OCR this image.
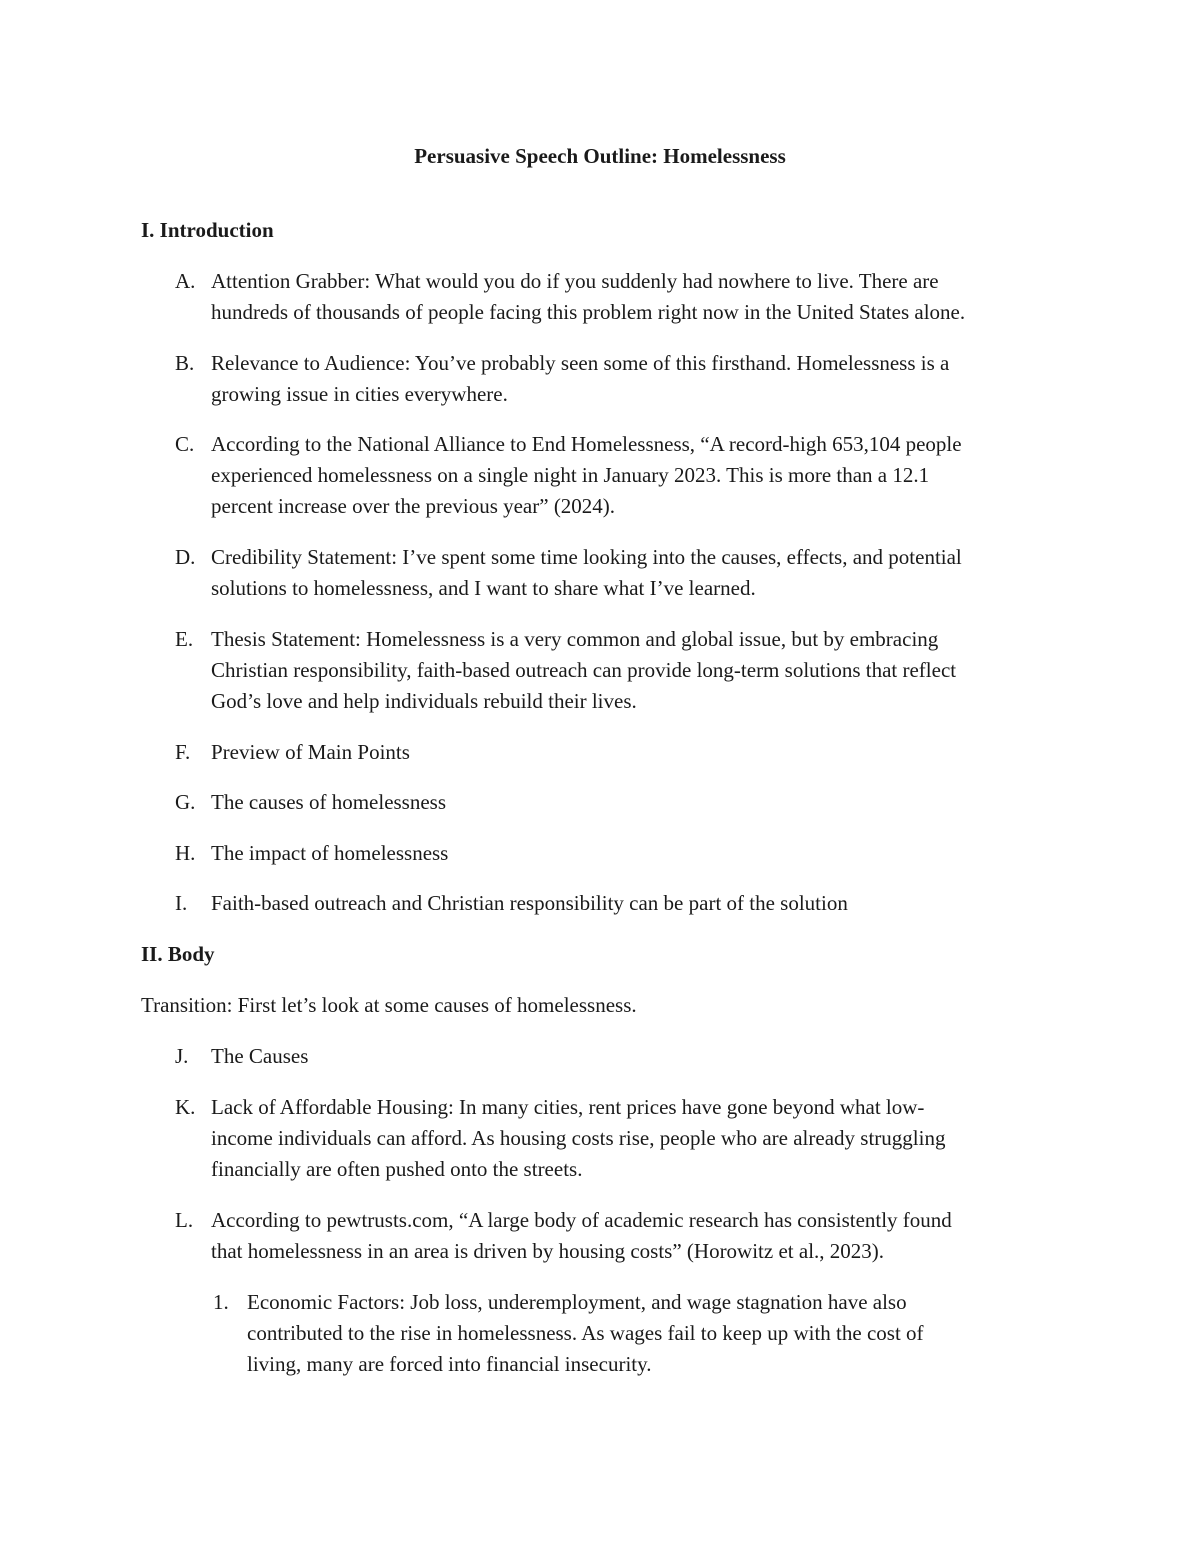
Persuasive Speech Outline: Homelessness
I. Introduction
A. Attention Grabber: What would you do if you suddenly had nowhere to live. There are
hundreds of thousands of people facing this problem right now in the United States alone.
B. Relevance to Audience: You’ve probably seen some of this firsthand. Homelessness is a
growing issue in cities everywhere.
C. According to the National Alliance to End Homelessness, “A record-high 653,104 people
experienced homelessness on a single night in January 2023. This is more than a 12.1
percent increase over the previous year” (2024).
D. Credibility Statement: I’ve spent some time looking into the causes, effects, and potential
solutions to homelessness, and I want to share what I’ve learned.
E. Thesis Statement: Homelessness is a very common and global issue, but by embracing
Christian responsibility, faith-based outreach can provide long-term solutions that reflect
God’s love and help individuals rebuild their lives.
F. Preview of Main Points
G. The causes of homelessness
H. The impact of homelessness
I.	Faith-based outreach and Christian responsibility can be part of the solution
II. Body

Transition: First let’s look at some causes of homelessness.

J.	The Causes
K. Lack of Affordable Housing: In many cities, rent prices have gone beyond what low-
income individuals can afford. As housing costs rise, people who are already struggling
financially are often pushed onto the streets.
L. According to pewtrusts.com, “A large body of academic research has consistently found
that homelessness in an area is driven by housing costs” (Horowitz et al., 2023).
1. Economic Factors: Job loss, underemployment, and wage stagnation have also
contributed to the rise in homelessness. As wages fail to keep up with the cost of
living, many are forced into financial insecurity.
